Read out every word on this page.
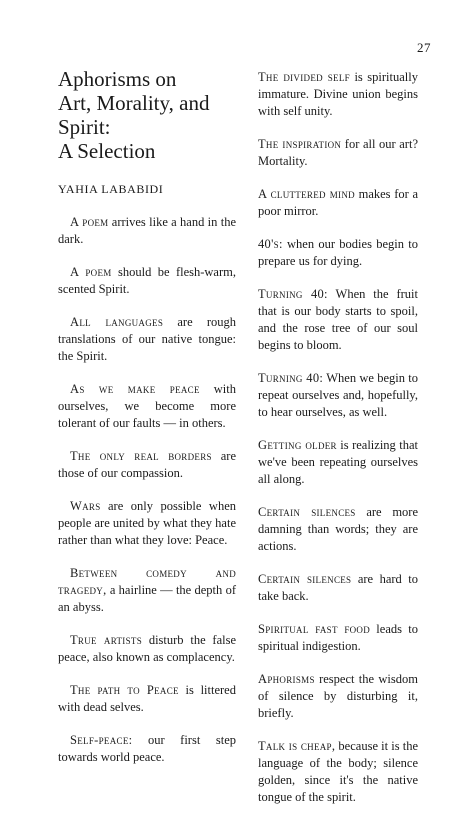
27
Aphorisms on
Art, Morality, and
Spirit:
A Selection
YAHIA LABABIDI

A poem arrives like a hand in the dark.

A poem should be flesh-warm, scented Spirit.

All languages are rough translations of our native tongue: the Spirit.

As we make peace with ourselves, we become more tolerant of our faults — in others.

The only real borders are those of our compassion.

Wars are only possible when people are united by what they hate rather than what they love: Peace.

Between comedy and tragedy, a hairline — the depth of an abyss.

True artists disturb the false peace, also known as complacency.

The path to Peace is littered with dead selves.

Self-peace: our first step towards world peace.

The divided self is spiritually immature. Divine union begins with self unity.

The inspiration for all our art? Mortality.

A cluttered mind makes for a poor mirror.

40's: when our bodies begin to prepare us for dying.

Turning 40: When the fruit that is our body starts to spoil, and the rose tree of our soul begins to bloom.

Turning 40: When we begin to repeat ourselves and, hopefully, to hear ourselves, as well.

Getting older is realizing that we've been repeating ourselves all along.

Certain silences are more damning than words; they are actions.

Certain silences are hard to take back.

Spiritual fast food leads to spiritual indigestion.

Aphorisms respect the wisdom of silence by disturbing it, briefly.

Talk is cheap, because it is the language of the body; silence golden, since it's the native tongue of the spirit.
